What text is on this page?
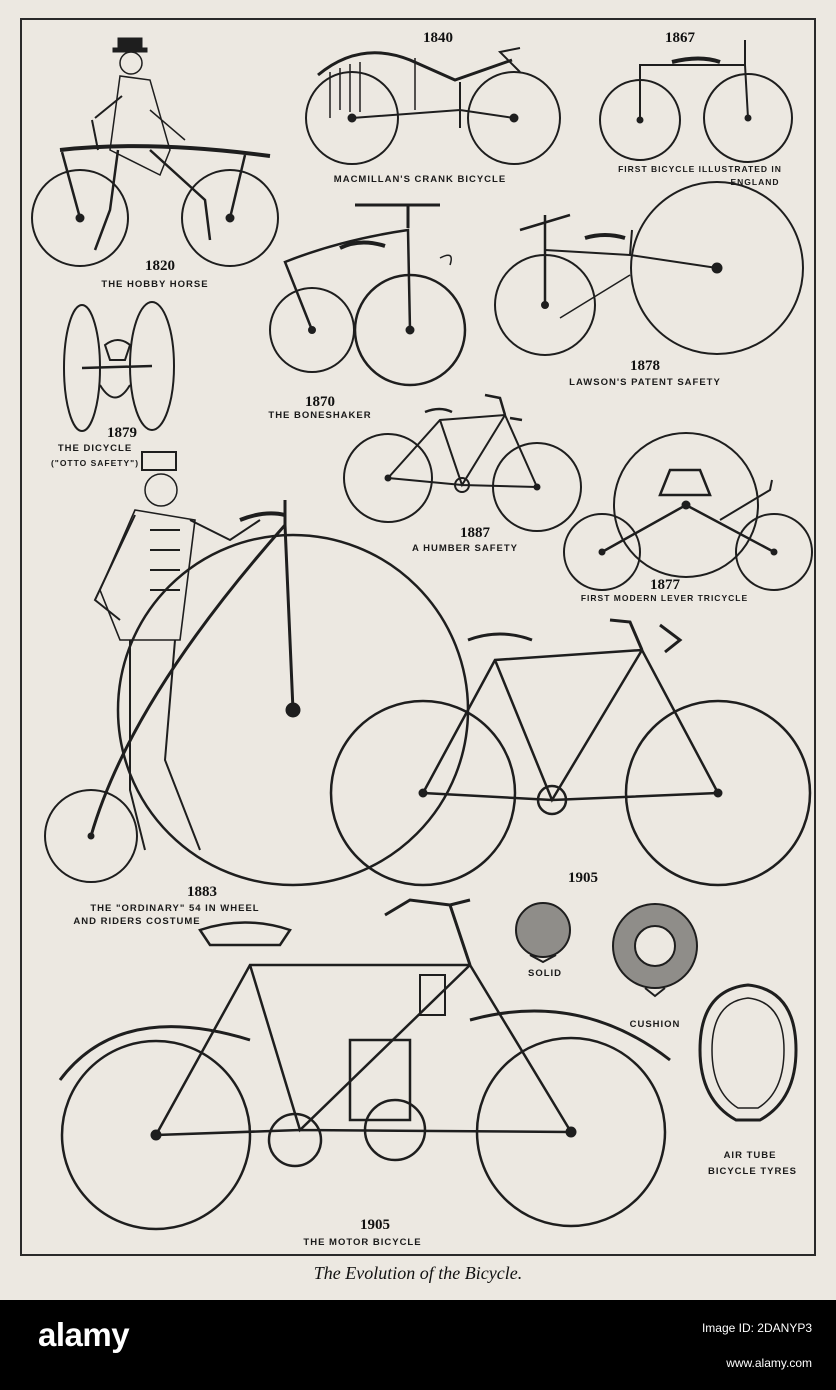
1840
MACMILLAN'S CRANK BICYCLE
1867
FIRST BICYCLE ILLUSTRATED IN
ENGLAND
1820
THE HOBBY HORSE
1870
THE BONESHAKER
1878
LAWSON'S PATENT SAFETY
1879
THE DICYCLE
("OTTO SAFETY")
1887
A HUMBER SAFETY
1877
FIRST MODERN LEVER TRICYCLE
1883
THE "ORDINARY" 54 IN WHEEL
AND RIDERS COSTUME
1905
SOLID
CUSHION
AIR TUBE
BICYCLE TYRES
1905
THE MOTOR BICYCLE
The Evolution of the Bicycle.
alamy	Image ID: 2DANYP3
www.alamy.com
